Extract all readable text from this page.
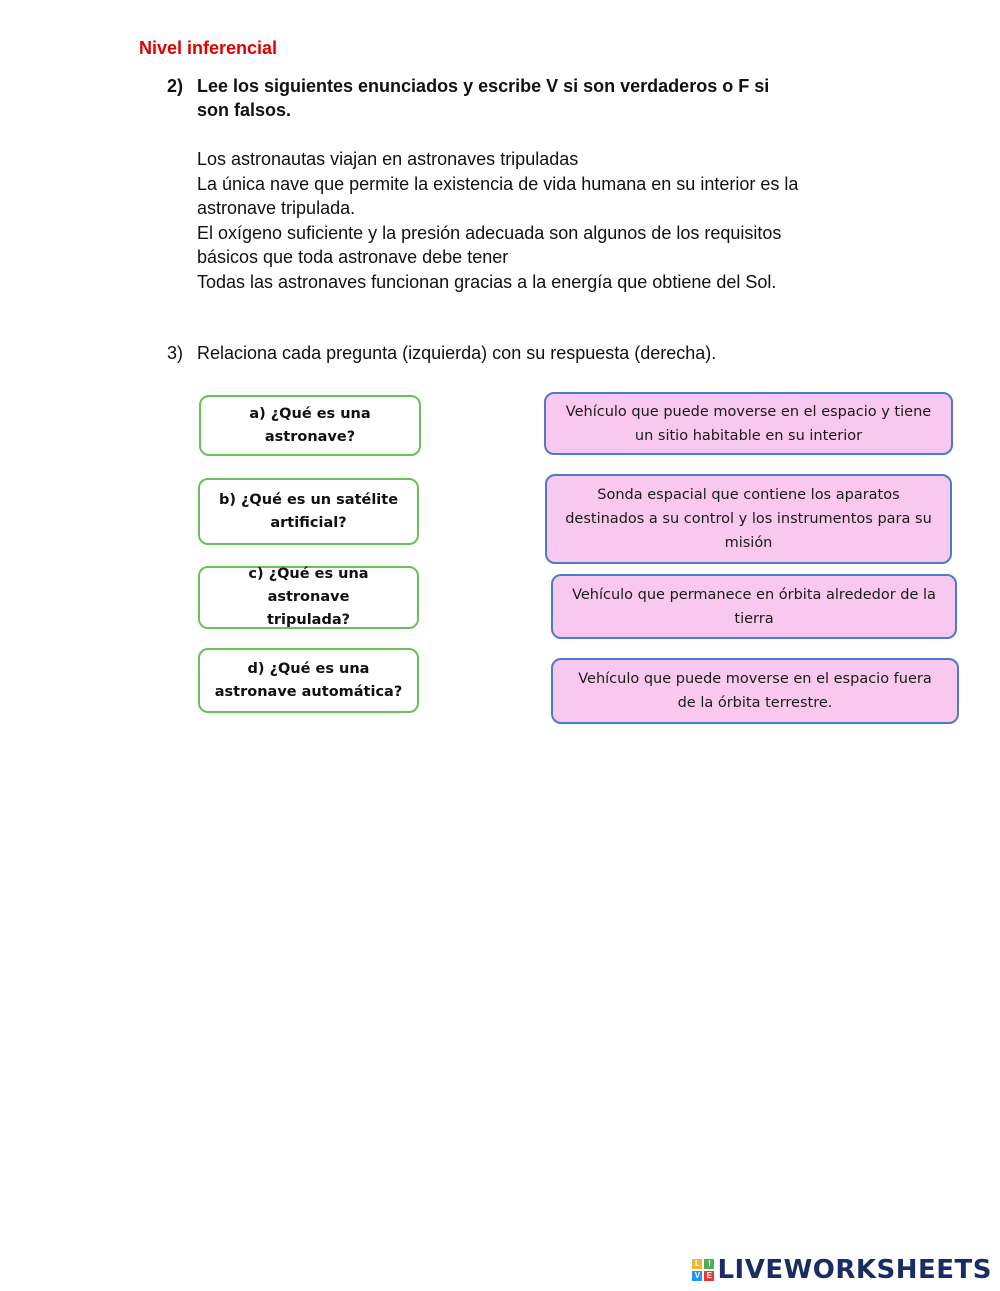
Nivel inferencial
2) Lee los siguientes enunciados y escribe V si son verdaderos o F si
son falsos.
Los astronautas viajan en astronaves tripuladas
La única nave que permite la existencia de vida humana en su interior es la
astronave tripulada.
El oxígeno suficiente y la presión adecuada son algunos de los requisitos
básicos que toda astronave debe tener
Todas las astronaves funcionan gracias a la energía que obtiene del Sol.
3) Relaciona cada pregunta (izquierda) con su respuesta (derecha).
a) ¿Qué es una
astronave?
b) ¿Qué es un satélite
artificial?
c) ¿Qué es una astronave
tripulada?
d) ¿Qué es una
astronave automática?
Vehículo que puede moverse en el espacio y tiene
un sitio habitable en su interior
Sonda espacial que contiene los aparatos
destinados a su control y los instrumentos para su
misión
Vehículo que permanece en órbita alrededor de la
tierra
Vehículo que puede moverse en el espacio fuera
de la órbita terrestre.
L	I
V E LIVEWORKSHEETS
